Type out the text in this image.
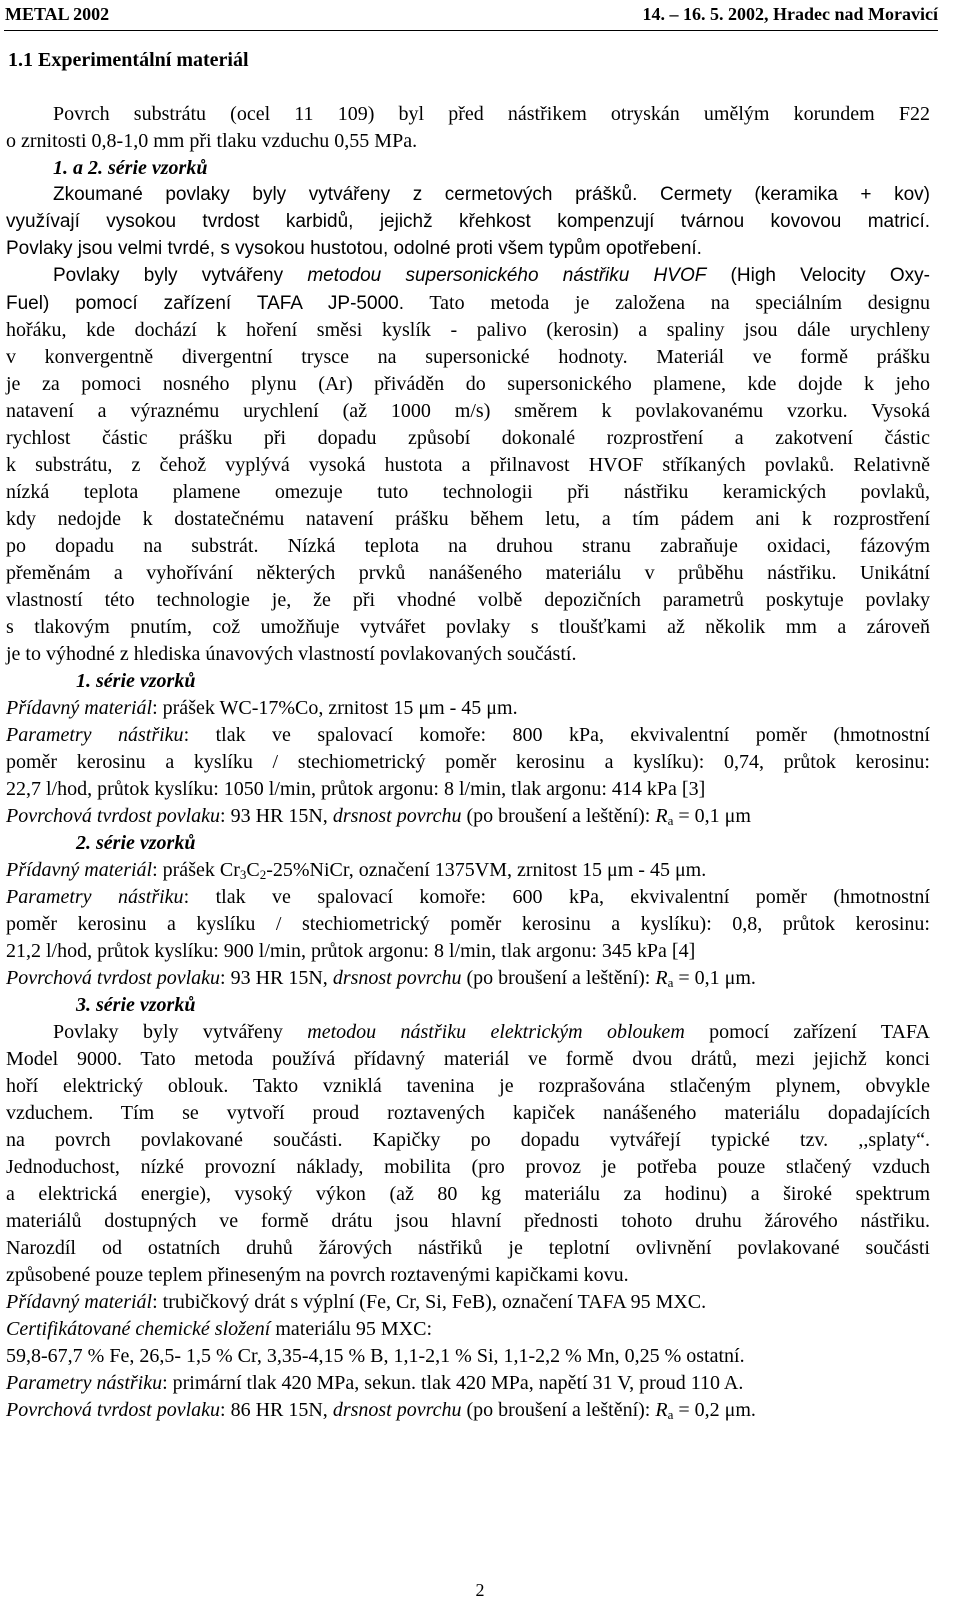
METAL 2002	14. – 16. 5. 2002, Hradec nad Moravicí
1.1 Experimentální materiál
Povrch substrátu (ocel 11 109) byl před nástřikem otryskán umělým korundem F22
o zrnitosti 0,8-1,0 mm při tlaku vzduchu 0,55 MPa.
1. a 2. série vzorků
Zkoumané povlaky byly vytvářeny z cermetových prášků. Cermety (keramika + kov)
využívají vysokou tvrdost karbidů, jejichž křehkost kompenzují tvárnou kovovou matricí.
Povlaky jsou velmi tvrdé, s vysokou hustotou, odolné proti všem typům opotřebení.
Povlaky byly vytvářeny metodou supersonického nástřiku HVOF (High Velocity Oxy-
Fuel) pomocí zařízení TAFA JP-5000. Tato metoda je založena na speciálním designu
hořáku, kde dochází k hoření směsi kyslík - palivo (kerosin) a spaliny jsou dále urychleny
v konvergentně divergentní trysce na supersonické hodnoty. Materiál ve formě prášku
je za pomoci nosného plynu (Ar) přiváděn do supersonického plamene, kde dojde k jeho
natavení a výraznému urychlení (až 1000 m/s) směrem k povlakovanému vzorku. Vysoká
rychlost částic prášku při dopadu způsobí dokonalé rozprostření a zakotvení částic
k substrátu, z čehož vyplývá vysoká hustota a přilnavost HVOF stříkaných povlaků. Relativně
nízká teplota plamene omezuje tuto technologii při nástřiku keramických povlaků,
kdy nedojde k dostatečnému natavení prášku během letu, a tím pádem ani k rozprostření
po dopadu na substrát. Nízká teplota na druhou stranu zabraňuje oxidaci, fázovým
přeměnám a vyhořívání některých prvků nanášeného materiálu v průběhu nástřiku. Unikátní
vlastností této technologie je, že při vhodné volbě depozičních parametrů poskytuje povlaky
s tlakovým pnutím, což umožňuje vytvářet povlaky s tloušťkami až několik mm a zároveň
je to výhodné z hlediska únavových vlastností povlakovaných součástí.
1. série vzorků
Přídavný materiál: prášek WC-17%Co, zrnitost 15 μm - 45 μm.
Parametry nástřiku: tlak ve spalovací komoře: 800 kPa, ekvivalentní poměr (hmotnostní
poměr kerosinu a kyslíku / stechiometrický poměr kerosinu a kyslíku): 0,74, průtok kerosinu:
22,7 l/hod, průtok kyslíku: 1050 l/min, průtok argonu: 8 l/min, tlak argonu: 414 kPa [3]
Povrchová tvrdost povlaku: 93 HR 15N, drsnost povrchu (po broušení a leštění): $R_a = 0,1$ μm
2. série vzorků
Přídavný materiál: prášek $Cr_3C_2-25\%NiCr$, označení 1375VM, zrnitost 15 μm - 45 μm.
Parametry nástřiku: tlak ve spalovací komoře: 600 kPa, ekvivalentní poměr (hmotnostní
poměr kerosinu a kyslíku / stechiometrický poměr kerosinu a kyslíku): 0,8, průtok kerosinu:
21,2 l/hod, průtok kyslíku: 900 l/min, průtok argonu: 8 l/min, tlak argonu: 345 kPa [4]
Povrchová tvrdost povlaku: 93 HR 15N, drsnost povrchu (po broušení a leštění): $R_a = 0,1$ μm.
3. série vzorků
Povlaky byly vytvářeny metodou nástřiku elektrickým obloukem pomocí zařízení TAFA
Model 9000. Tato metoda používá přídavný materiál ve formě dvou drátů, mezi jejichž konci
hoří elektrický oblouk. Takto vzniklá tavenina je rozprašována stlačeným plynem, obvykle
vzduchem. Tím se vytvoří proud roztavených kapiček nanášeného materiálu dopadajících
na povrch povlakované součásti. Kapičky po dopadu vytvářejí typické tzv. ,,splaty“.
Jednoduchost, nízké provozní náklady, mobilita (pro provoz je potřeba pouze stlačený vzduch
a elektrická energie), vysoký výkon (až 80 kg materiálu za hodinu) a široké spektrum
materiálů dostupných ve formě drátu jsou hlavní přednosti tohoto druhu žárového nástřiku.
Narozdíl od ostatních druhů žárových nástřiků je teplotní ovlivnění povlakované součásti
způsobené pouze teplem přineseným na povrch roztavenými kapičkami kovu.
Přídavný materiál: trubičkový drát s výplní (Fe, Cr, Si, FeB), označení TAFA 95 MXC.
Certifikátované chemické složení materiálu 95 MXC:
59,8-67,7 % Fe, 26,5- 1,5 % Cr, 3,35-4,15 % B, 1,1-2,1 % Si, 1,1-2,2 % Mn, 0,25 % ostatní.
Parametry nástřiku: primární tlak 420 MPa, sekun. tlak 420 MPa, napětí 31 V, proud 110 A.
Povrchová tvrdost povlaku: 86 HR 15N, drsnost povrchu (po broušení a leštění): $R_a = 0,2$ μm.
2
